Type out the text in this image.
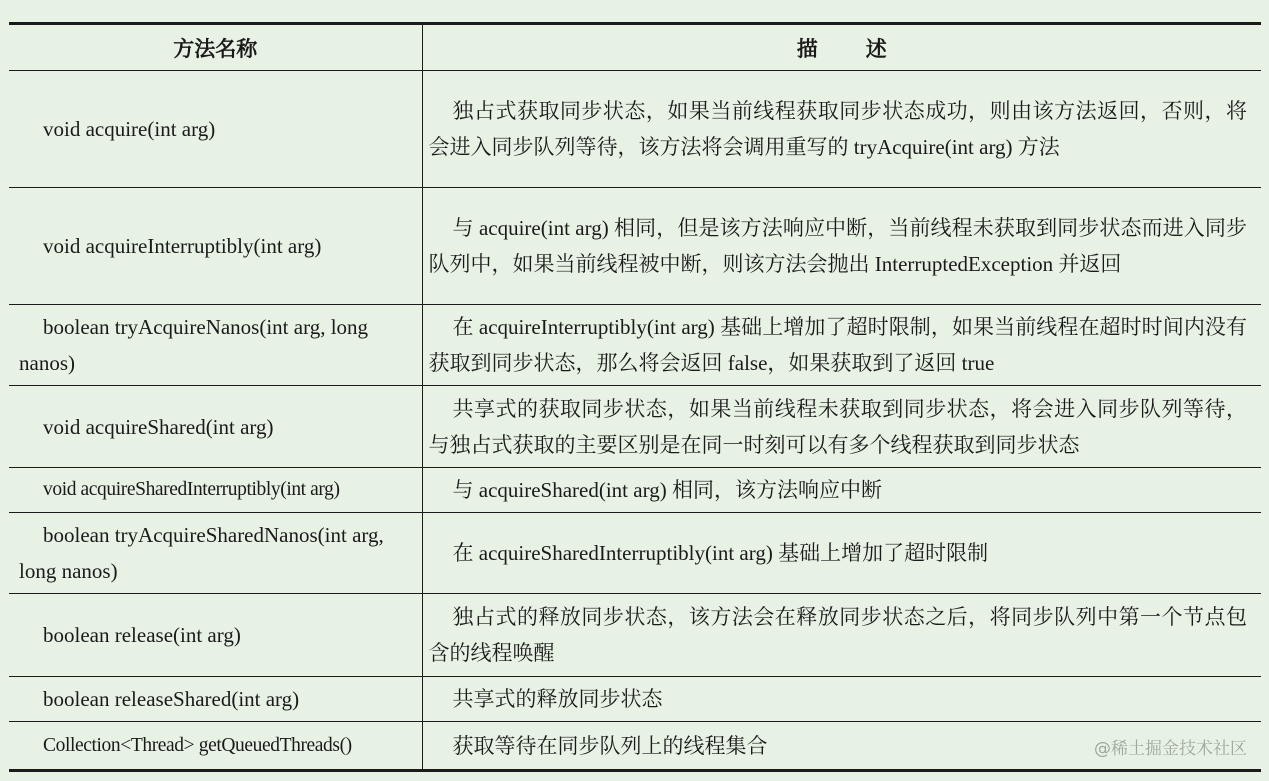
方法名称	描述
void acquire(int arg)	独占式获取同步状态，如果当前线程获取同步状态成功，则由该方法返回，否则，将会进入同步队列等待，该方法将会调用重写的 tryAcquire(int arg) 方法
void acquireInterruptibly(int arg)	与 acquire(int arg) 相同，但是该方法响应中断，当前线程未获取到同步状态而进入同步队列中，如果当前线程被中断，则该方法会抛出 InterruptedException 并返回
boolean tryAcquireNanos(int arg, long nanos)	在 acquireInterruptibly(int arg) 基础上增加了超时限制，如果当前线程在超时时间内没有获取到同步状态，那么将会返回 false，如果获取到了返回 true
void acquireShared(int arg)	共享式的获取同步状态，如果当前线程未获取到同步状态，将会进入同步队列等待，与独占式获取的主要区别是在同一时刻可以有多个线程获取到同步状态
void acquireSharedInterruptibly(int arg)	与 acquireShared(int arg) 相同，该方法响应中断
boolean tryAcquireSharedNanos(int arg, long nanos)	在 acquireSharedInterruptibly(int arg) 基础上增加了超时限制
boolean release(int arg)	独占式的释放同步状态，该方法会在释放同步状态之后，将同步队列中第一个节点包含的线程唤醒
boolean releaseShared(int arg)	共享式的释放同步状态
Collection<Thread> getQueuedThreads()	获取等待在同步队列上的线程集合	@稀土掘金技术社区
